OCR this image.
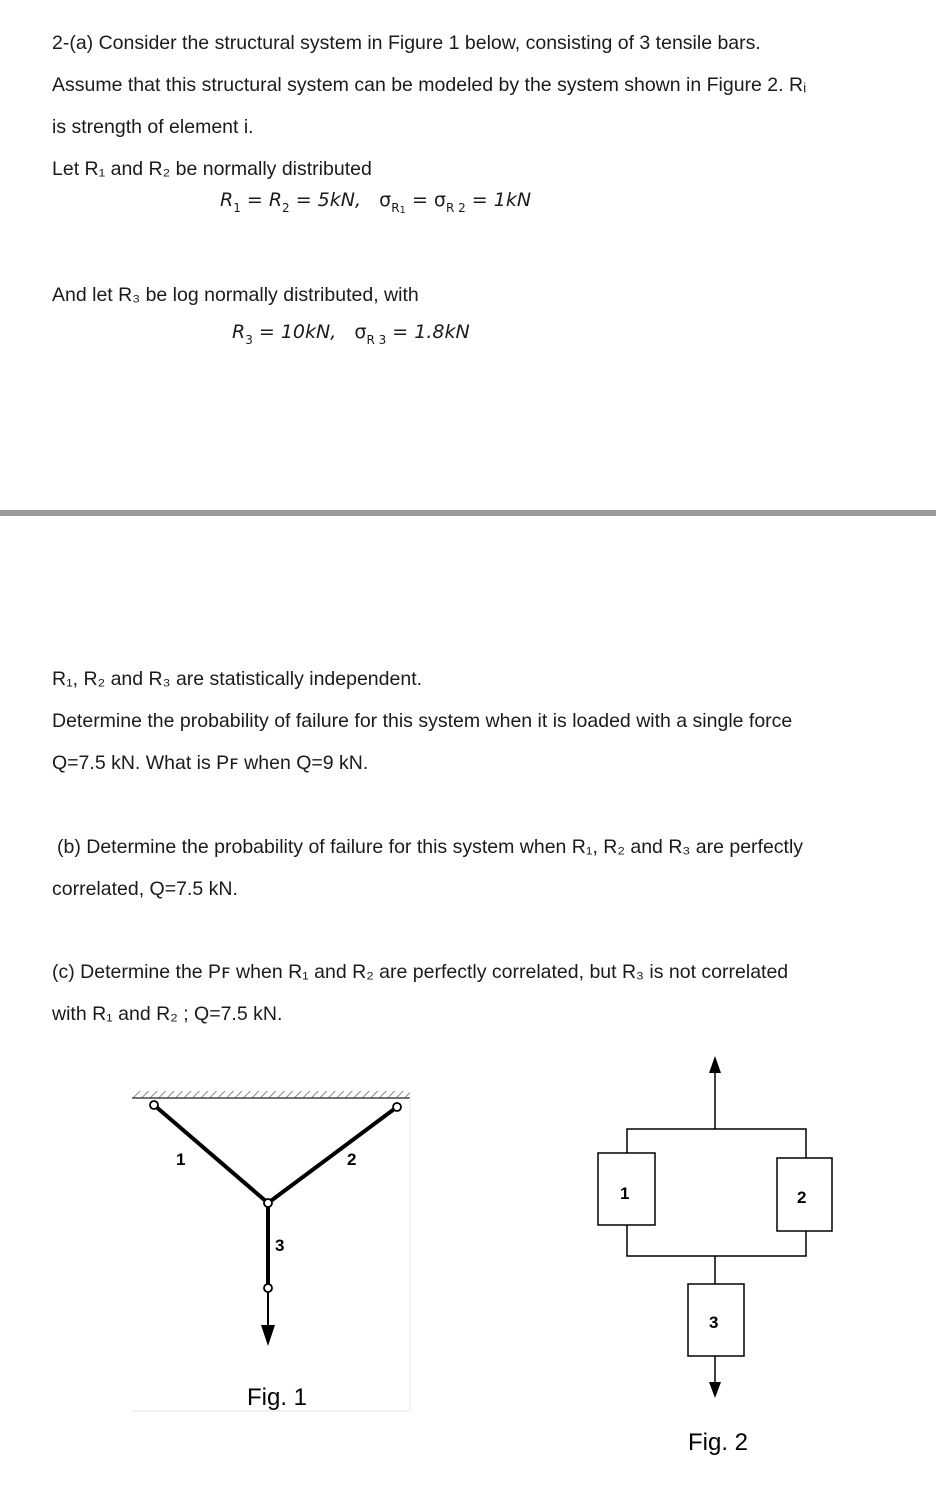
2-(a) Consider the structural system in Figure 1 below, consisting of 3 tensile bars.
Assume that this structural system can be modeled by the system shown in Figure 2. Rᵢ
is strength of element i.
Let R₁ and R₂ be normally distributed
$R_1 = R_2 = 5kN$, $\sigma_{R1} = \sigma_{R 2} = 1kN$
And let R₃ be log normally distributed, with
$R_3 = 10kN$, $\sigma_{R 3} = 1.8kN$
R₁, R₂ and R₃ are statistically independent.
Determine the probability of failure for this system when it is loaded with a single force
Q=7.5 kN. What is Pꜰ when Q=9 kN.
(b) Determine the probability of failure for this system when R₁, R₂ and R₃ are perfectly
correlated, Q=7.5 kN.
(c) Determine the Pꜰ when R₁ and R₂ are perfectly correlated, but R₃ is not correlated
with R₁ and R₂ ; Q=7.5 kN.
1	2
3
Fig. 1
1	2
3
Fig. 2
